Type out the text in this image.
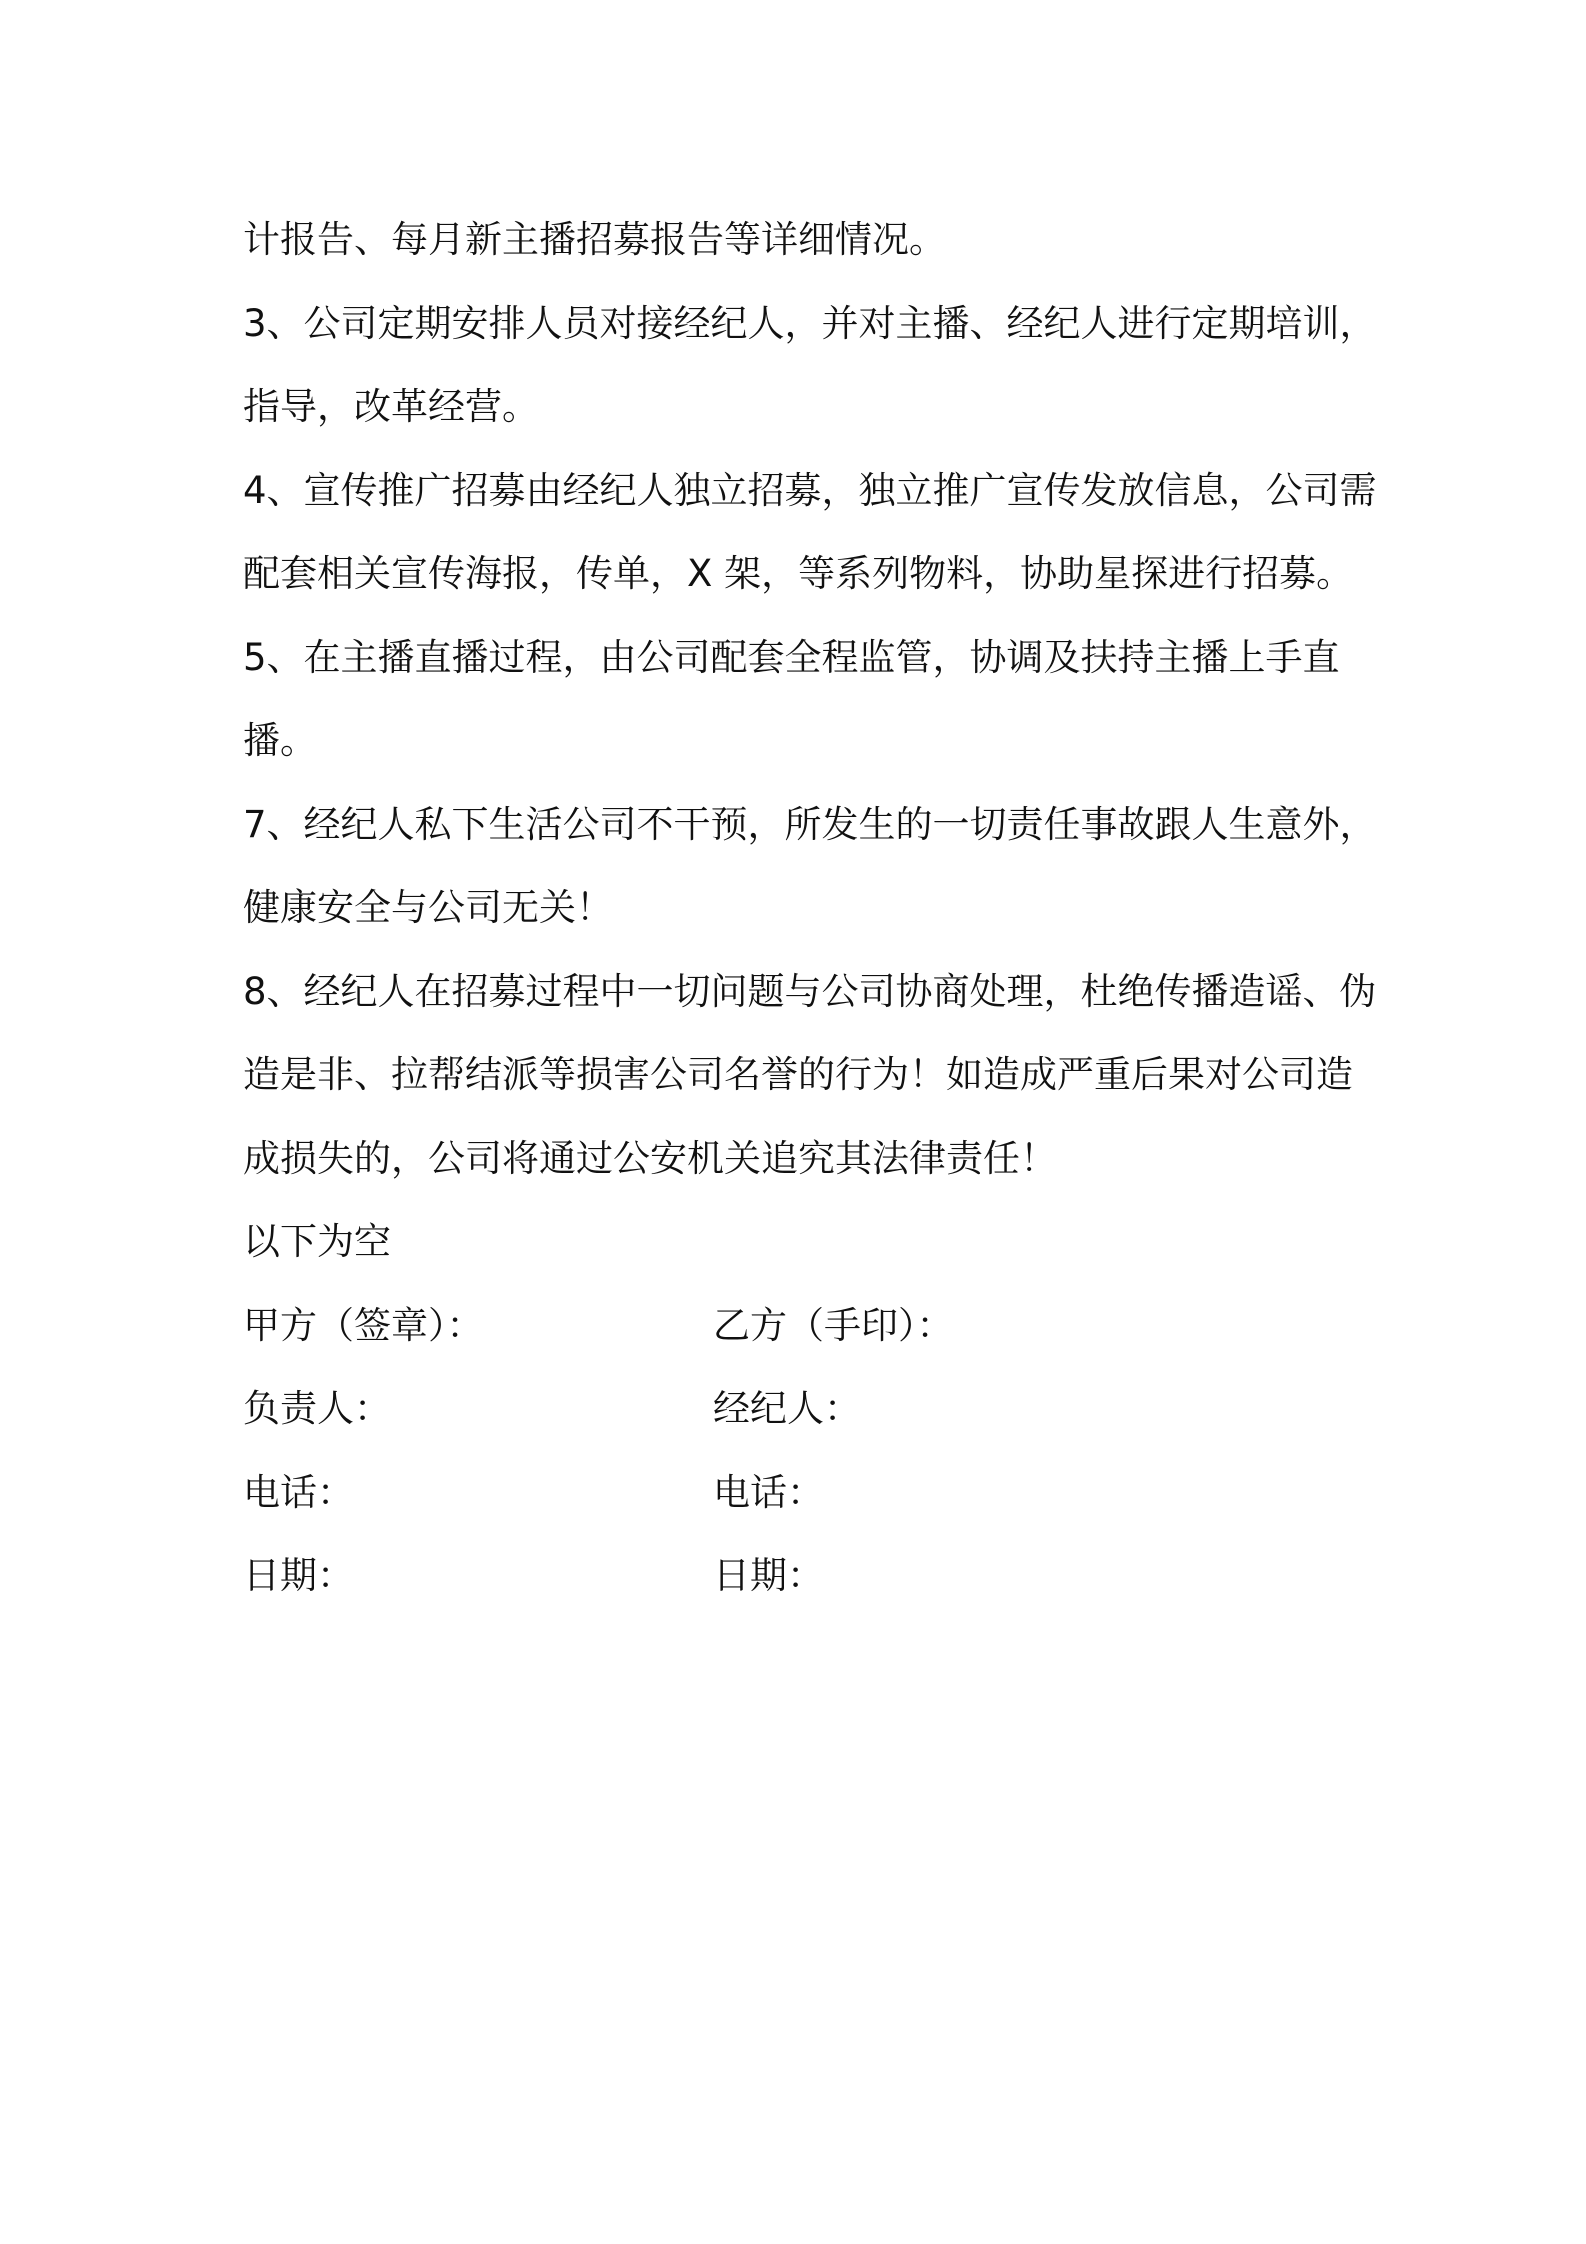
计报告、每月新主播招募报告等详细情况。

3、公司定期安排人员对接经纪人，并对主播、经纪人进行定期培训，指导，改革经营。

4、宣传推广招募由经纪人独立招募，独立推广宣传发放信息，公司需配套相关宣传海报，传单，X 架，等系列物料，协助星探进行招募。

5、在主播直播过程，由公司配套全程监管，协调及扶持主播上手直播。

7、经纪人私下生活公司不干预，所发生的一切责任事故跟人生意外，健康安全与公司无关！

8、经纪人在招募过程中一切问题与公司协商处理，杜绝传播造谣、伪造是非、拉帮结派等损害公司名誉的行为！如造成严重后果对公司造成损失的，公司将通过公安机关追究其法律责任！

以下为空

甲方（签章）：	乙方（手印）：
负责人：	经纪人：
电话：	电话：
日期：	日期：
